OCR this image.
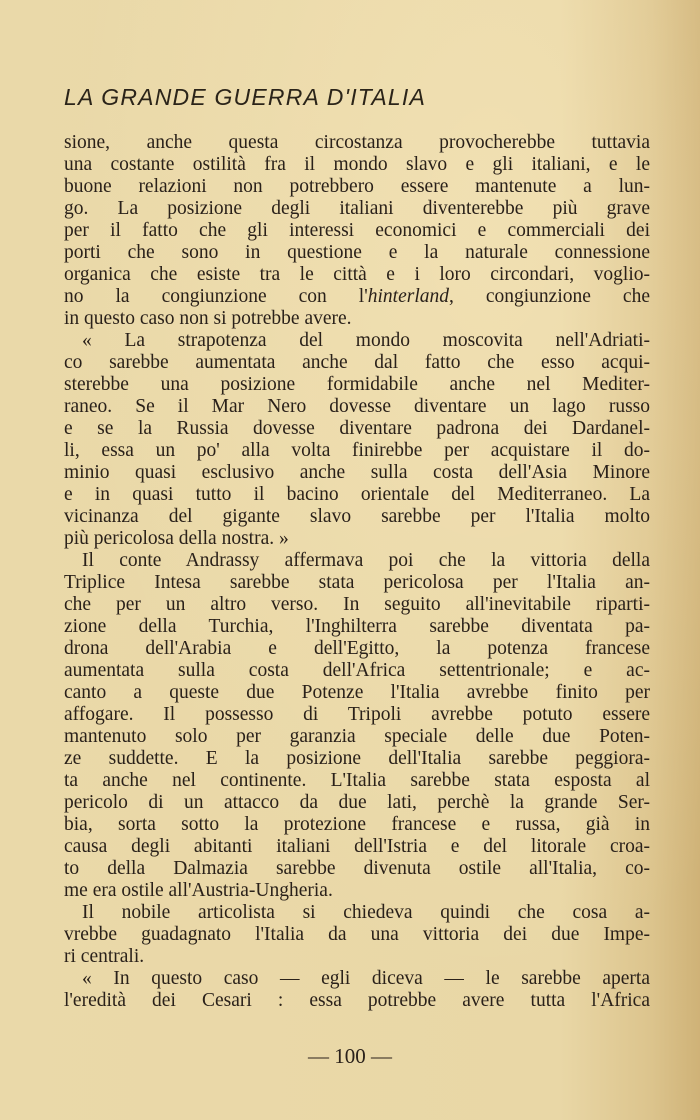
LA GRANDE GUERRA D'ITALIA
sione, anche questa circostanza provocherebbe tuttavia
una costante ostilità fra il mondo slavo e gli italiani, e le
buone relazioni non potrebbero essere mantenute a lun-
go. La posizione degli italiani diventerebbe più grave
per il fatto che gli interessi economici e commerciali dei
porti che sono in questione e la naturale connessione
organica che esiste tra le città e i loro circondari, voglio-
no la congiunzione con l'hinterland, congiunzione che
in questo caso non si potrebbe avere.
« La strapotenza del mondo moscovita nell'Adriati-
co sarebbe aumentata anche dal fatto che esso acqui-
sterebbe una posizione formidabile anche nel Mediter-
raneo. Se il Mar Nero dovesse diventare un lago russo
e se la Russia dovesse diventare padrona dei Dardanel-
li, essa un po' alla volta finirebbe per acquistare il do-
minio quasi esclusivo anche sulla costa dell'Asia Minore
e in quasi tutto il bacino orientale del Mediterraneo. La
vicinanza del gigante slavo sarebbe per l'Italia molto
più pericolosa della nostra. »
Il conte Andrassy affermava poi che la vittoria della
Triplice Intesa sarebbe stata pericolosa per l'Italia an-
che per un altro verso. In seguito all'inevitabile riparti-
zione della Turchia, l'Inghilterra sarebbe diventata pa-
drona dell'Arabia e dell'Egitto, la potenza francese
aumentata sulla costa dell'Africa settentrionale; e ac-
canto a queste due Potenze l'Italia avrebbe finito per
affogare. Il possesso di Tripoli avrebbe potuto essere
mantenuto solo per garanzia speciale delle due Poten-
ze suddette. E la posizione dell'Italia sarebbe peggiora-
ta anche nel continente. L'Italia sarebbe stata esposta al
pericolo di un attacco da due lati, perchè la grande Ser-
bia, sorta sotto la protezione francese e russa, già in
causa degli abitanti italiani dell'Istria e del litorale croa-
to della Dalmazia sarebbe divenuta ostile all'Italia, co-
me era ostile all'Austria-Ungheria.
Il nobile articolista si chiedeva quindi che cosa a-
vrebbe guadagnato l'Italia da una vittoria dei due Impe-
ri centrali.
« In questo caso — egli diceva — le sarebbe aperta
l'eredità dei Cesari : essa potrebbe avere tutta l'Africa
— 100 —
